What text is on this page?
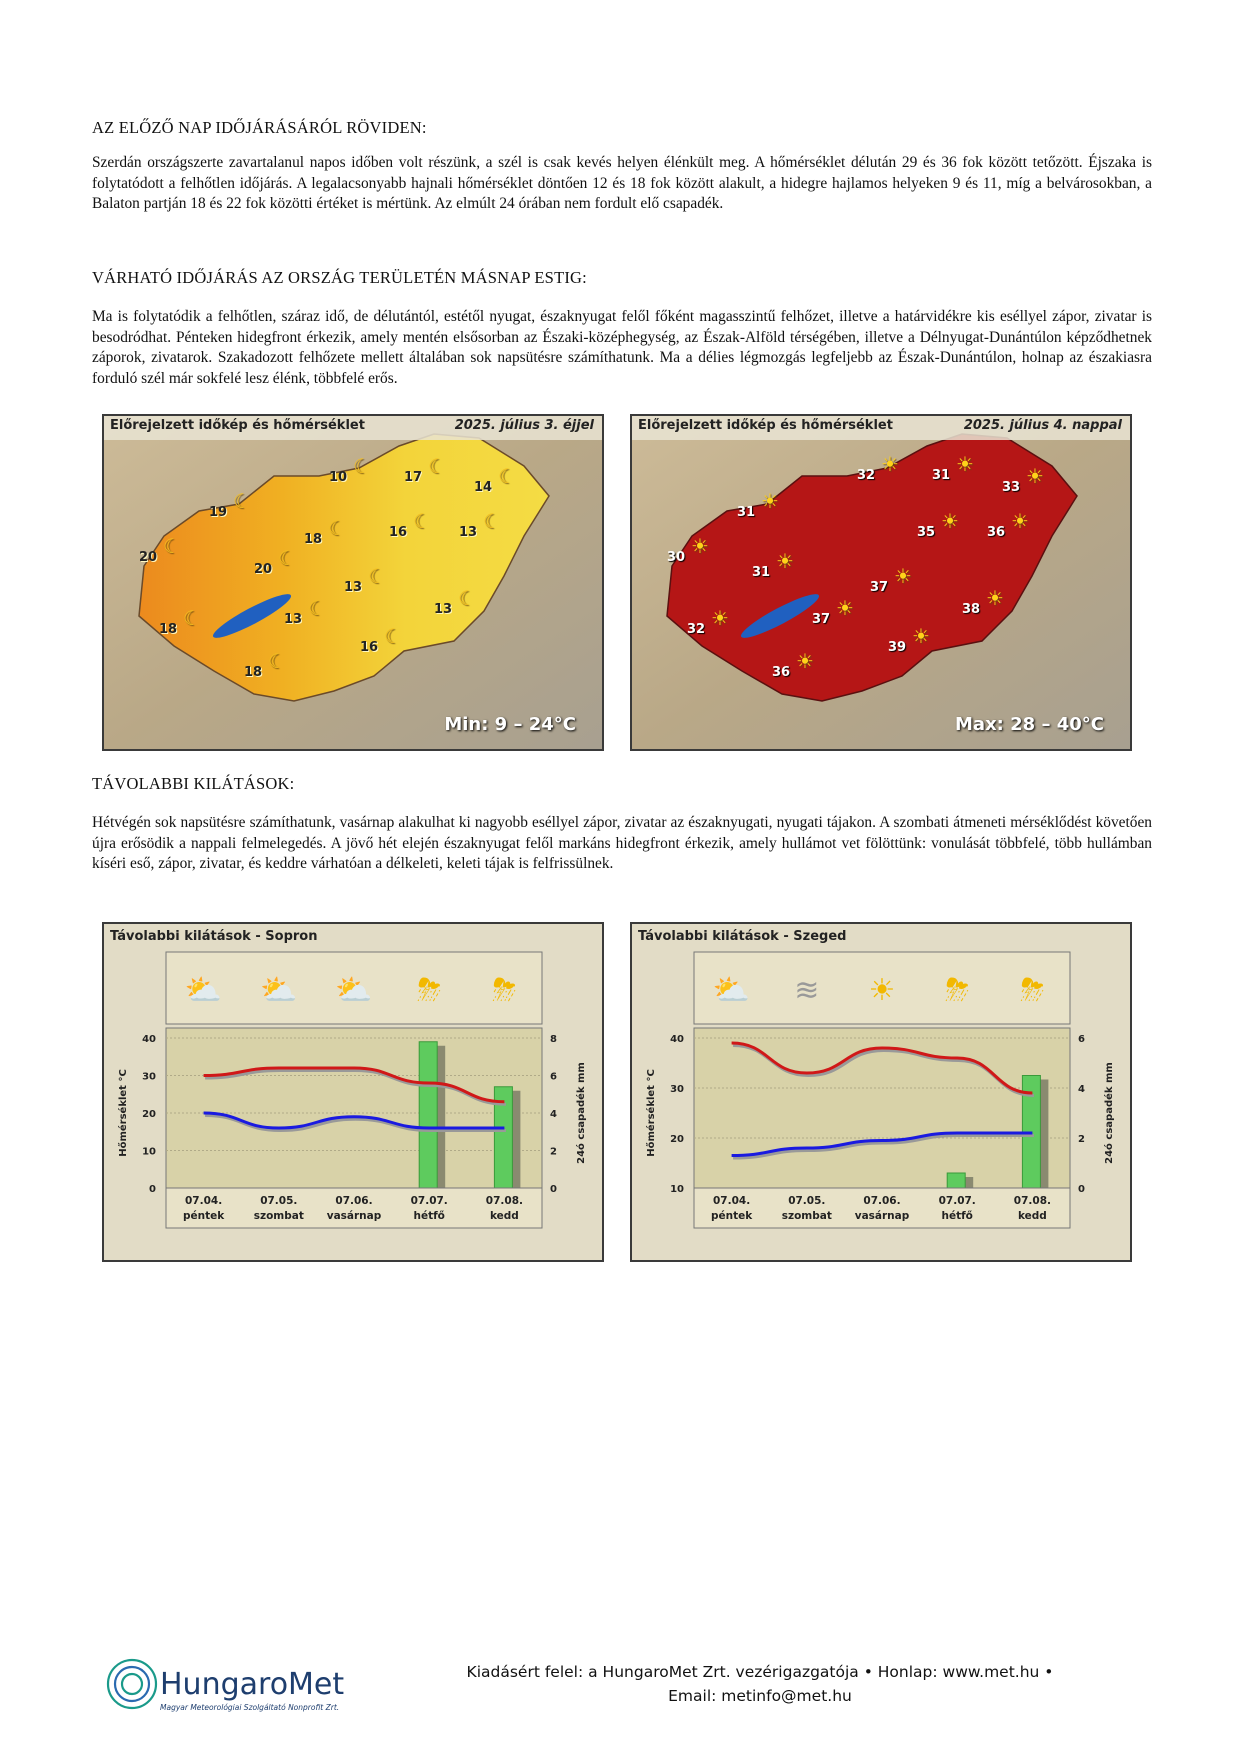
AZ ELŐZŐ NAP IDŐJÁRÁSÁRÓL RÖVIDEN:
Szerdán országszerte zavartalanul napos időben volt részünk, a szél is csak kevés helyen élénkült meg. A hőmérséklet délután 29 és 36 fok között tetőzött. Éjszaka is folytatódott a felhőtlen időjárás. A legalacsonyabb hajnali hőmérséklet döntően 12 és 18 fok között alakult, a hidegre hajlamos helyeken 9 és 11, míg a belvárosokban, a Balaton partján 18 és 22 fok közötti értéket is mértünk. Az elmúlt 24 órában nem fordult elő csapadék.
VÁRHATÓ IDŐJÁRÁS AZ ORSZÁG TERÜLETÉN MÁSNAP ESTIG:
Ma is folytatódik a felhőtlen, száraz idő, de délutántól, estétől nyugat, északnyugat felől főként magasszintű felhőzet, illetve a határvidékre kis eséllyel zápor, zivatar is besodródhat. Pénteken hidegfront érkezik, amely mentén elsősorban az Északi-középhegység, az Észak-Alföld térségében, illetve a Délnyugat-Dunántúlon képződhetnek záporok, zivatarok. Szakadozott felhőzete mellett általában sok napsütésre számíthatunk. Ma a délies légmozgás legfeljebb az Észak-Dunántúlon, holnap az északiasra forduló szél már sokfelé lesz élénk, többfelé erős.
Előrejelzett időkép és hőmérséklet	2025. július 3. éjjel
Min: 9 – 24°C
10 ☾	17 ☾
14 ☾
19 ☾
16 ☾ 13 ☾
20 ☾	18 ☾
20 ☾
13 ☾
13 ☾	13 ☾
18 ☾
16 ☾
18 ☾
Előrejelzett időkép és hőmérséklet	2025. július 4. nappal
Max: 28 – 40°C
32 ☀	31 ☀
33 ☀
31 ☀
35 ☀ 36 ☀
30 ☀
31 ☀
37 ☀
37 ☀	38 ☀
32 ☀
39 ☀
36 ☀
TÁVOLABBI KILÁTÁSOK:
Hétvégén sok napsütésre számíthatunk, vasárnap alakulhat ki nagyobb eséllyel zápor, zivatar az északnyugati, nyugati tájakon. A szombati átmeneti mérséklődést követően újra erősödik a nappali felmelegedés. A jövő hét elején északnyugat felől markáns hidegfront érkezik, amely hullámot vet fölöttünk: vonulását többfelé, több hullámban kíséri eső, zápor, zivatar, és keddre várhatóan a délkeleti, keleti tájak is felfrissülnek.
Távolabbi kilátások - Sopron
⛅ ⛅ ⛅ ⛈ ⛈
0
10
20
30
40
0
2
4
6
8
Hőmérséklet °C	24ó csapadék mm
07.04.
péntek
07.05.
szombat
07.06.
vasárnap
07.07.
hétfő
07.08.
kedd
Távolabbi kilátások - Szeged
⛅ ≋ ☀ ⛈ ⛈
10
20
30
40
0
2
4
6
Hőmérséklet °C	24ó csapadék mm
07.04.
péntek
07.05.
szombat
07.06.
vasárnap
07.07.
hétfő
07.08.
kedd
HungaroMet
Magyar Meteorológiai Szolgáltató Nonprofit Zrt.
Kiadásért felel: a HungaroMet Zrt. vezérigazgatója • Honlap: www.met.hu •
Email: metinfo@met.hu
